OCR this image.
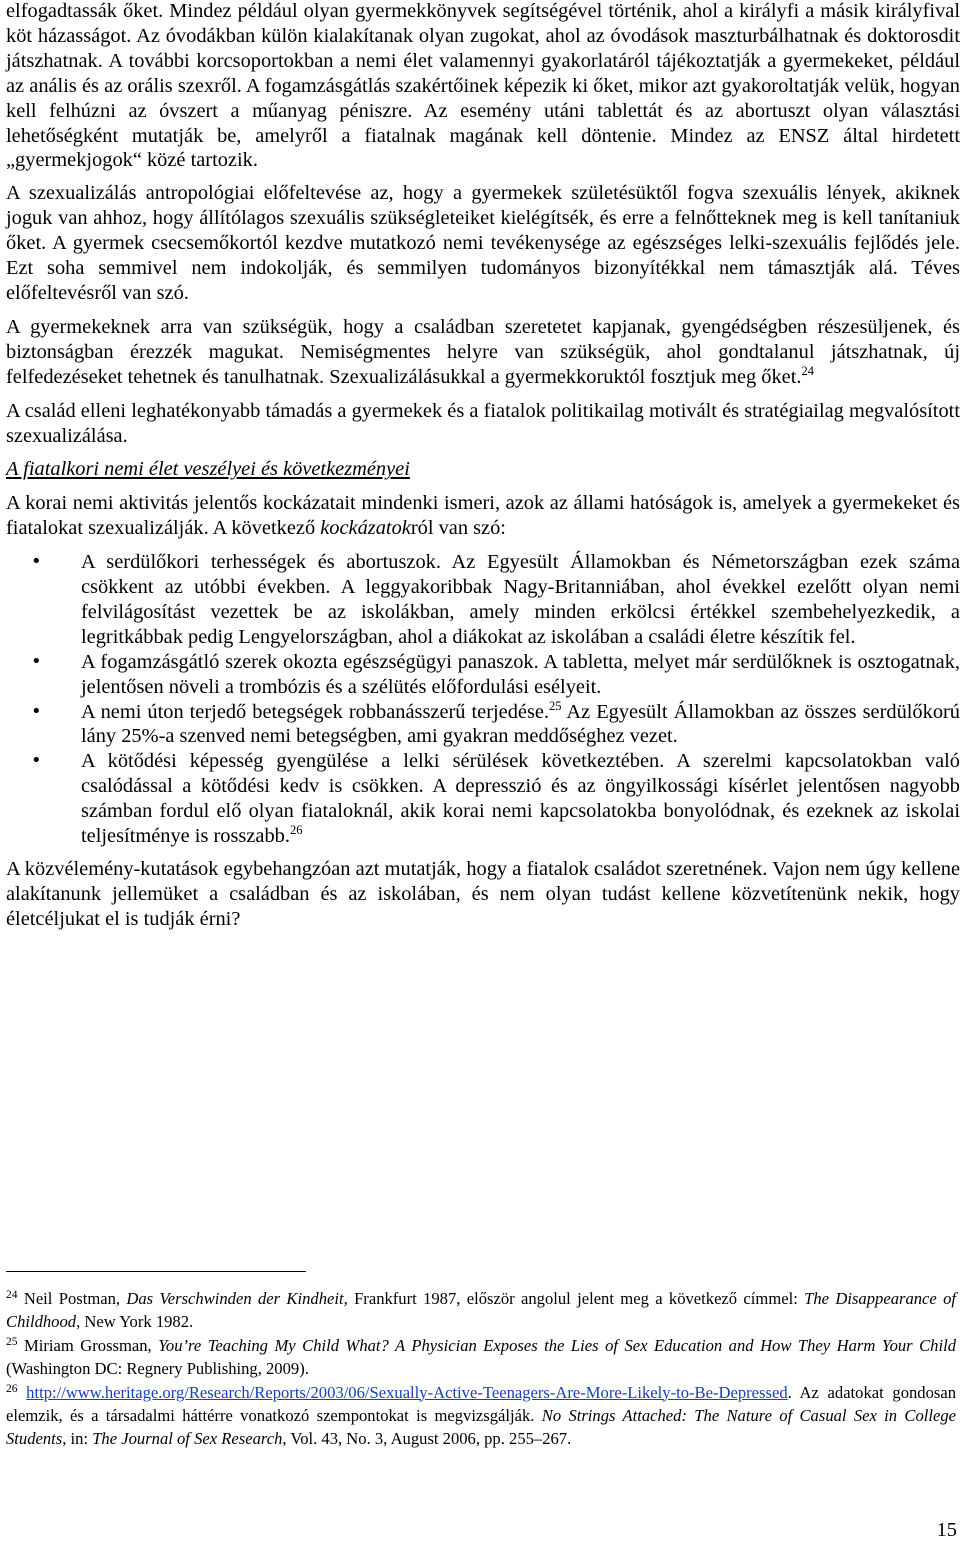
elfogadtassák őket. Mindez például olyan gyermekkönyvek segítségével történik, ahol a királyfi a másik királyfival köt házasságot. Az óvodákban külön kialakítanak olyan zugokat, ahol az óvodások maszturbálhatnak és doktorosdit játszhatnak. A további korcsoportokban a nemi élet valamennyi gyakorlatáról tájékoztatják a gyermekeket, például az anális és az orális szexről. A fogamzásgátlás szakértőinek képezik ki őket, mikor azt gyakoroltatják velük, hogyan kell felhúzni az óvszert a műanyag péniszre. Az esemény utáni tablettát és az abortuszt olyan választási lehetőségként mutatják be, amelyről a fiatalnak magának kell döntenie. Mindez az ENSZ által hirdetett „gyermekjogok“ közé tartozik.

A szexualizálás antropológiai előfeltevése az, hogy a gyermekek születésüktől fogva szexuális lények, akiknek joguk van ahhoz, hogy állítólagos szexuális szükségleteiket kielégítsék, és erre a felnőtteknek meg is kell tanítaniuk őket. A gyermek csecsemőkortól kezdve mutatkozó nemi tevékenysége az egészséges lelki-szexuális fejlődés jele. Ezt soha semmivel nem indokolják, és semmilyen tudományos bizonyítékkal nem támasztják alá. Téves előfeltevésről van szó.

A gyermekeknek arra van szükségük, hogy a családban szeretetet kapjanak, gyengédségben részesüljenek, és biztonságban érezzék magukat. Nemiségmentes helyre van szükségük, ahol gondtalanul játszhatnak, új felfedezéseket tehetnek és tanulhatnak. Szexualizálásukkal a gyermekkoruktól fosztjuk meg őket.$^{24}$

A család elleni leghatékonyabb támadás a gyermekek és a fiatalok politikailag motivált és stratégiailag megvalósított szexualizálása.

A fiatalkori nemi élet veszélyei és következményei

A korai nemi aktivitás jelentős kockázatait mindenki ismeri, azok az állami hatóságok is, amelyek a gyermekeket és fiatalokat szexualizálják. A következő kockázatokról van szó:

•	A serdülőkori terhességek és abortuszok. Az Egyesült Államokban és Németországban ezek száma csökkent az utóbbi években. A leggyakoribbak Nagy-Britanniában, ahol évekkel ezelőtt olyan nemi felvilágosítást vezettek be az iskolákban, amely minden erkölcsi értékkel szembehelyezkedik, a legritkábbak pedig Lengyelországban, ahol a diákokat az iskolában a családi életre készítik fel.
•	A fogamzásgátló szerek okozta egészségügyi panaszok. A tabletta, melyet már serdülőknek is osztogatnak, jelentősen növeli a trombózis és a szélütés előfordulási esélyeit.
•	A nemi úton terjedő betegségek robbanásszerű terjedése.$^{25}$ Az Egyesült Államokban az összes serdülőkorú lány 25%-a szenved nemi betegségben, ami gyakran meddőséghez vezet.
•	A kötődési képesség gyengülése a lelki sérülések következtében. A szerelmi kapcsolatokban való csalódással a kötődési kedv is csökken. A depresszió és az öngyilkossági kísérlet jelentősen nagyobb számban fordul elő olyan fiataloknál, akik korai nemi kapcsolatokba bonyolódnak, és ezeknek az iskolai teljesítménye is rosszabb.$^{26}$

A közvélemény-kutatások egybehangzóan azt mutatják, hogy a fiatalok családot szeretnének. Vajon nem úgy kellene alakítanunk jellemüket a családban és az iskolában, és nem olyan tudást kellene közvetítenünk nekik, hogy életcéljukat el is tudják érni?

$^{24}$ Neil Postman, Das Verschwinden der Kindheit, Frankfurt 1987, először angolul jelent meg a következő címmel: The Disappearance of Childhood, New York 1982.

$^{25}$ Miriam Grossman, You’re Teaching My Child What? A Physician Exposes the Lies of Sex Education and How They Harm Your Child (Washington DC: Regnery Publishing, 2009).

$^{26}$ http://www.heritage.org/Research/Reports/2003/06/Sexually-Active-Teenagers-Are-More-Likely-to-Be-Depressed. Az adatokat gondosan elemzik, és a társadalmi háttérre vonatkozó szempontokat is megvizsgálják. No Strings Attached: The Nature of Casual Sex in College Students, in: The Journal of Sex Research, Vol. 43, No. 3, August 2006, pp. 255–267.

15
